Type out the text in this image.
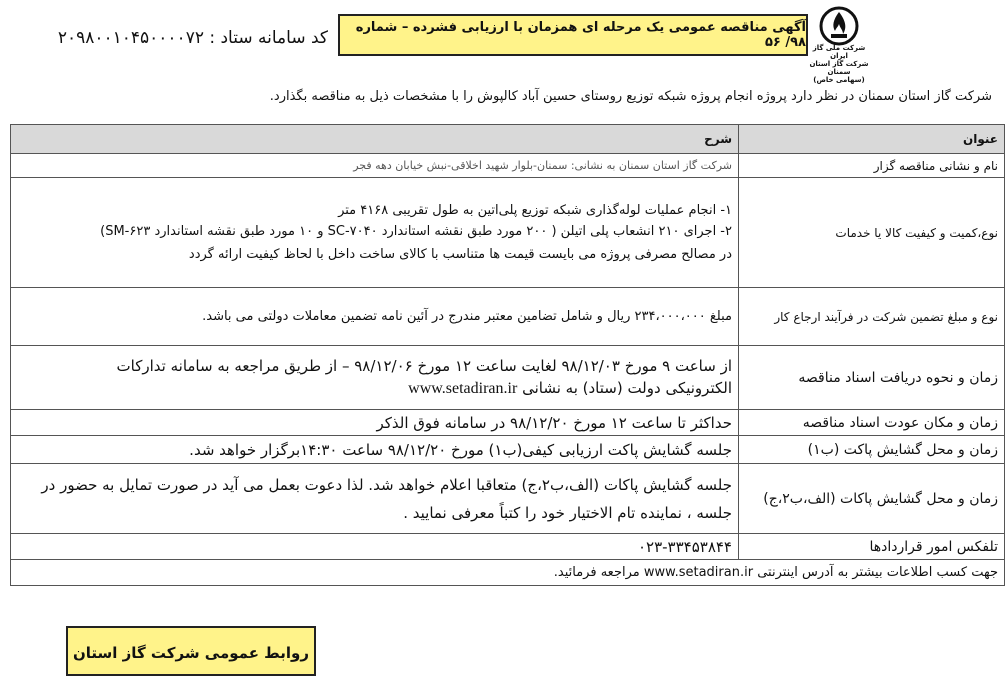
شرکت ملی گاز ایران
شرکت گاز استان سمنان
(سهامی خاص)
آگهی مناقصه عمومی یک مرحله ای همزمان با ارزیابی فشرده – شماره ۹۸/ ۵۶
کد سامانه ستاد : ۲۰۹۸۰۰۱۰۴۵۰۰۰۰۷۲
شرکت گاز استان سمنان در نظر دارد پروژه انجام پروژه شبکه توزیع روستای حسین آباد کالپوش را با مشخصات ذیل به مناقصه بگذارد.
عنوان	شرح
نام و نشانی مناقصه گزار	شرکت گاز استان سمنان به نشانی: سمنان-بلوار شهید اخلاقی-نبش خیابان دهه فجر
نوع،کمیت و کیفیت کالا یا خدمات	۱- انجام عملیات لوله‌گذاری شبکه توزیع پلی‌اتین به طول تقریبی ۴۱۶۸ متر
۲- اجرای ۲۱۰ انشعاب پلی اتیلن ( ۲۰۰ مورد طبق نقشه استاندارد SC-۷۰۴۰ و ۱۰ مورد طبق نقشه استاندارد SM-۶۲۳)
در مصالح مصرفی پروژه می بایست قیمت ها متناسب با کالای ساخت داخل با لحاظ کیفیت ارائه گردد

نوع و مبلغ تضمین شرکت در فرآیند ارجاع کار	مبلغ ۲۳۴،۰۰۰،۰۰۰ ریال و شامل تضامین معتبر مندرج در آئین نامه تضمین معاملات دولتی می باشد.
زمان و نحوه دریافت اسناد مناقصه	از ساعت ۹ مورخ ۹۸/۱۲/۰۳ لغایت ساعت ۱۲ مورخ ۹۸/۱۲/۰۶ – از طریق مراجعه به سامانه تدارکات
الکترونیکی دولت (ستاد) به نشانی www.setadiran.ir

زمان و مکان عودت اسناد مناقصه	حداکثر تا ساعت ۱۲ مورخ ۹۸/۱۲/۲۰ در سامانه فوق الذکر
زمان و محل گشایش پاکت (ب۱)	جلسه گشایش پاکت ارزیابی کیفی(ب۱) مورخ ۹۸/۱۲/۲۰ ساعت ۱۴:۳۰برگزار خواهد شد.
زمان و محل گشایش پاکات (الف،ب۲،ج)	جلسه گشایش پاکات (الف،ب۲،ج) متعاقبا اعلام خواهد شد. لذا دعوت بعمل می آید در صورت تمایل به حضور در جلسه ، نماینده تام الاختیار خود را کتباً معرفی نمایید .
تلفکس امور قراردادها	۰۲۳-۳۳۴۵۳۸۴۴
جهت کسب اطلاعات بیشتر به آدرس اینترنتی www.setadiran.ir مراجعه فرمائید.	
روابط عمومی شرکت گاز استان
